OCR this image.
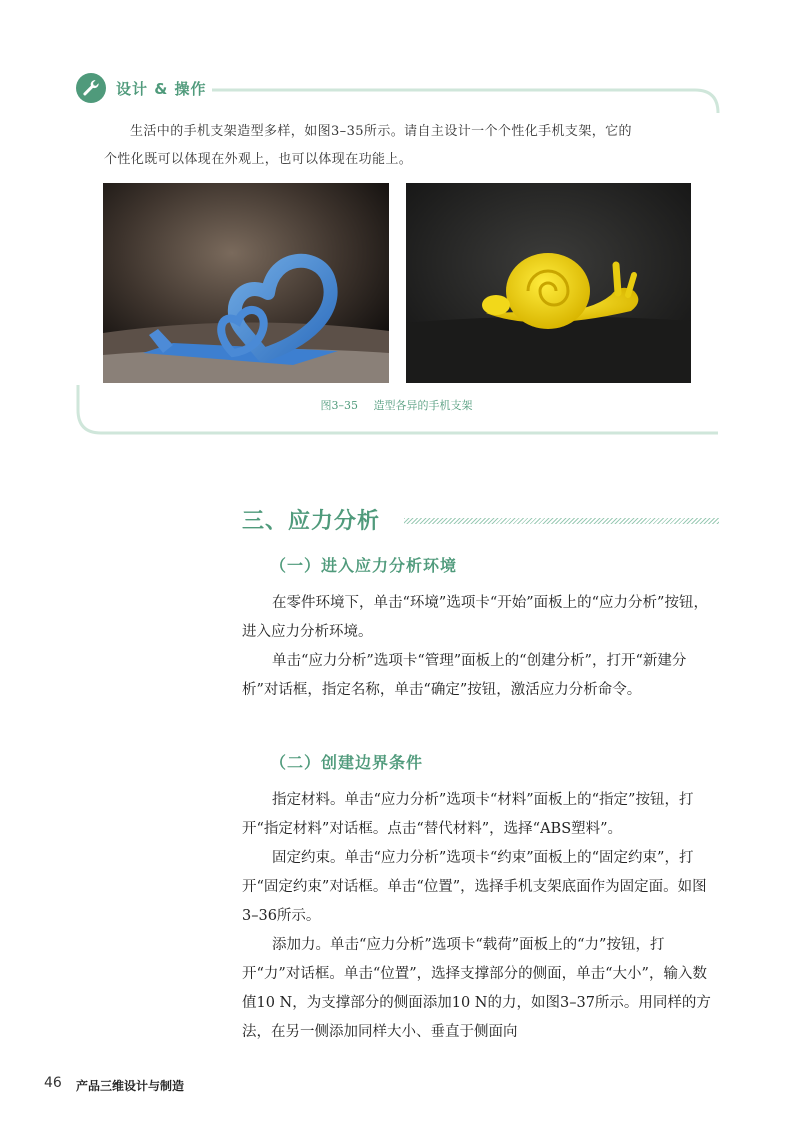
设计 & 操作

生活中的手机支架造型多样，如图3–35所示。请自主设计一个个性化手机支架，它的

个性化既可以体现在外观上，也可以体现在功能上。

图3–35 造型各异的手机支架
三、应力分析
（一）进入应力分析环境

在零件环境下，单击“环境”选项卡“开始”面板上的“应力分析”按钮，进入应力分析环境。

单击“应力分析”选项卡“管理”面板上的“创建分析”，打开“新建分析”对话框，指定名称，单击“确定”按钮，激活应力分析命令。

（二）创建边界条件

指定材料。单击“应力分析”选项卡“材料”面板上的“指定”按钮，打开“指定材料”对话框。点击“替代材料”，选择“ABS塑料”。

固定约束。单击“应力分析”选项卡“约束”面板上的“固定约束”，打开“固定约束”对话框。单击“位置”，选择手机支架底面作为固定面。如图3–36所示。

添加力。单击“应力分析”选项卡“载荷”面板上的“力”按钮，打开“力”对话框。单击“位置”，选择支撑部分的侧面，单击“大小”，输入数值10 N，为支撑部分的侧面添加10 N的力，如图3–37所示。用同样的方法，在另一侧添加同样大小、垂直于侧面向

46 产品三维设计与制造
